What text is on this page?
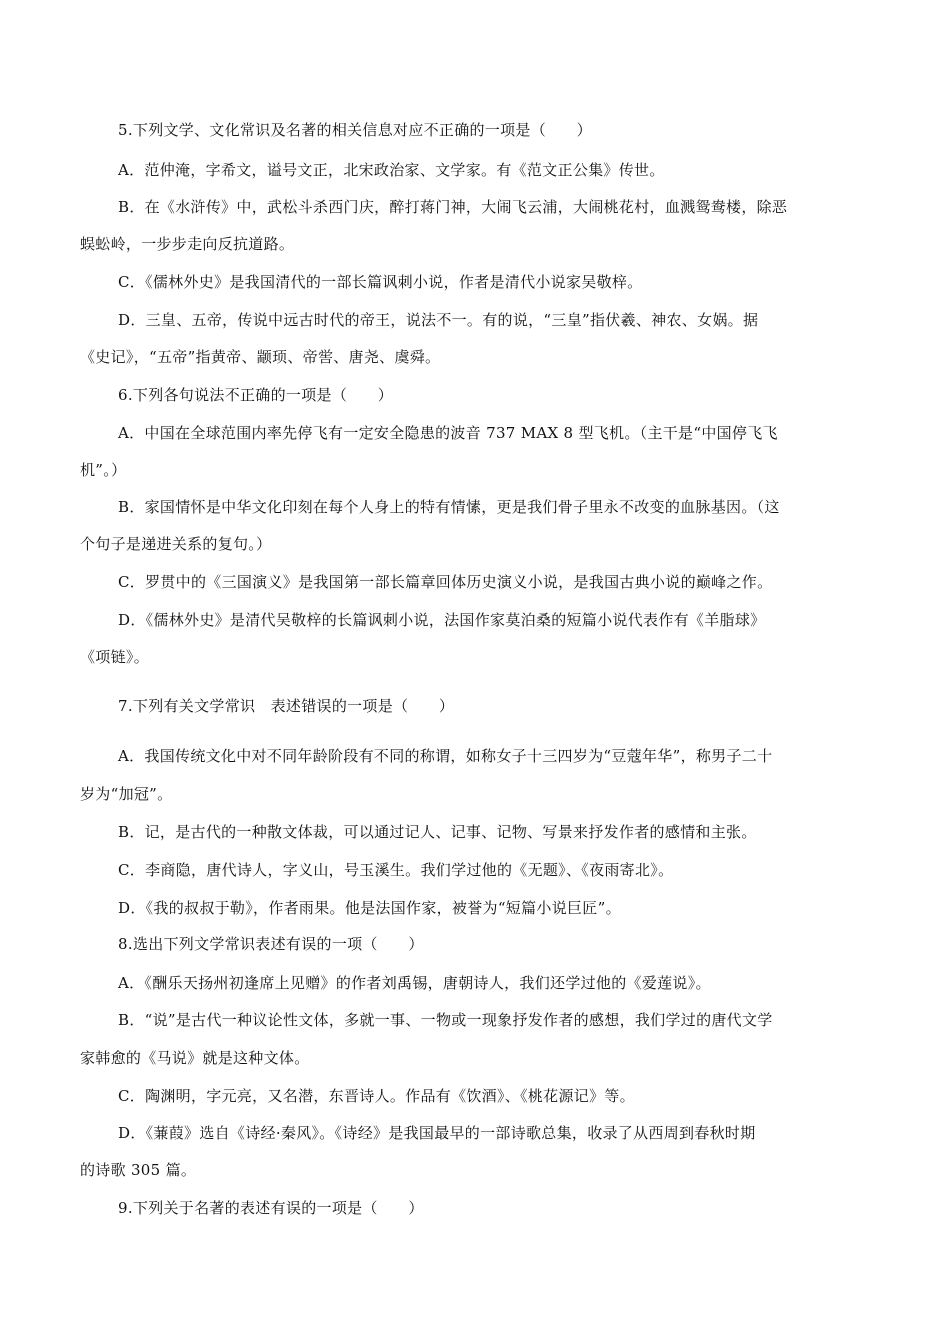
5.下列文学、文化常识及名著的相关信息对应不正确的一项是（　　）
A．范仲淹，字希文，谥号文正，北宋政治家、文学家。有《范文正公集》传世。
B．在《水浒传》中，武松斗杀西门庆，醉打蒋门神，大闹飞云浦，大闹桃花村，血溅鸳鸯楼，除恶
蜈蚣岭，一步步走向反抗道路。
C．《儒林外史》是我国清代的一部长篇讽刺小说，作者是清代小说家吴敬梓。
D．三皇、五帝，传说中远古时代的帝王，说法不一。有的说，“三皇”指伏羲、神农、女娲。据
《史记》，“五帝”指黄帝、颛顼、帝喾、唐尧、虞舜。
6.下列各句说法不正确的一项是（　　）
A．中国在全球范围内率先停飞有一定安全隐患的波音 737 MAX 8 型飞机。（主干是“中国停飞飞
机”。）
B．家国情怀是中华文化印刻在每个人身上的特有情愫，更是我们骨子里永不改变的血脉基因。（这
个句子是递进关系的复句。）
C．罗贯中的《三国演义》是我国第一部长篇章回体历史演义小说，是我国古典小说的巅峰之作。
D．《儒林外史》是清代吴敬梓的长篇讽刺小说，法国作家莫泊桑的短篇小说代表作有《羊脂球》
《项链》。
7.下列有关文学常识　表述错误的一项是（　　）
A．我国传统文化中对不同年龄阶段有不同的称谓，如称女子十三四岁为“豆蔻年华”，称男子二十
岁为“加冠”。
B．记，是古代的一种散文体裁，可以通过记人、记事、记物、写景来抒发作者的感情和主张。
C．李商隐，唐代诗人，字义山，号玉溪生。我们学过他的《无题》、《夜雨寄北》。
D．《我的叔叔于勒》，作者雨果。他是法国作家，被誉为“短篇小说巨匠”。
8.选出下列文学常识表述有误的一项（　　）
A．《酬乐天扬州初逢席上见赠》的作者刘禹锡，唐朝诗人，我们还学过他的《爱莲说》。
B．“说”是古代一种议论性文体，多就一事、一物或一现象抒发作者的感想，我们学过的唐代文学
家韩愈的《马说》就是这种文体。
C．陶渊明，字元亮，又名潜，东晋诗人。作品有《饮酒》、《桃花源记》等。
D．《蒹葭》选自《诗经·秦风》。《诗经》是我国最早的一部诗歌总集，收录了从西周到春秋时期
的诗歌 305 篇。
9.下列关于名著的表述有误的一项是（　　）
